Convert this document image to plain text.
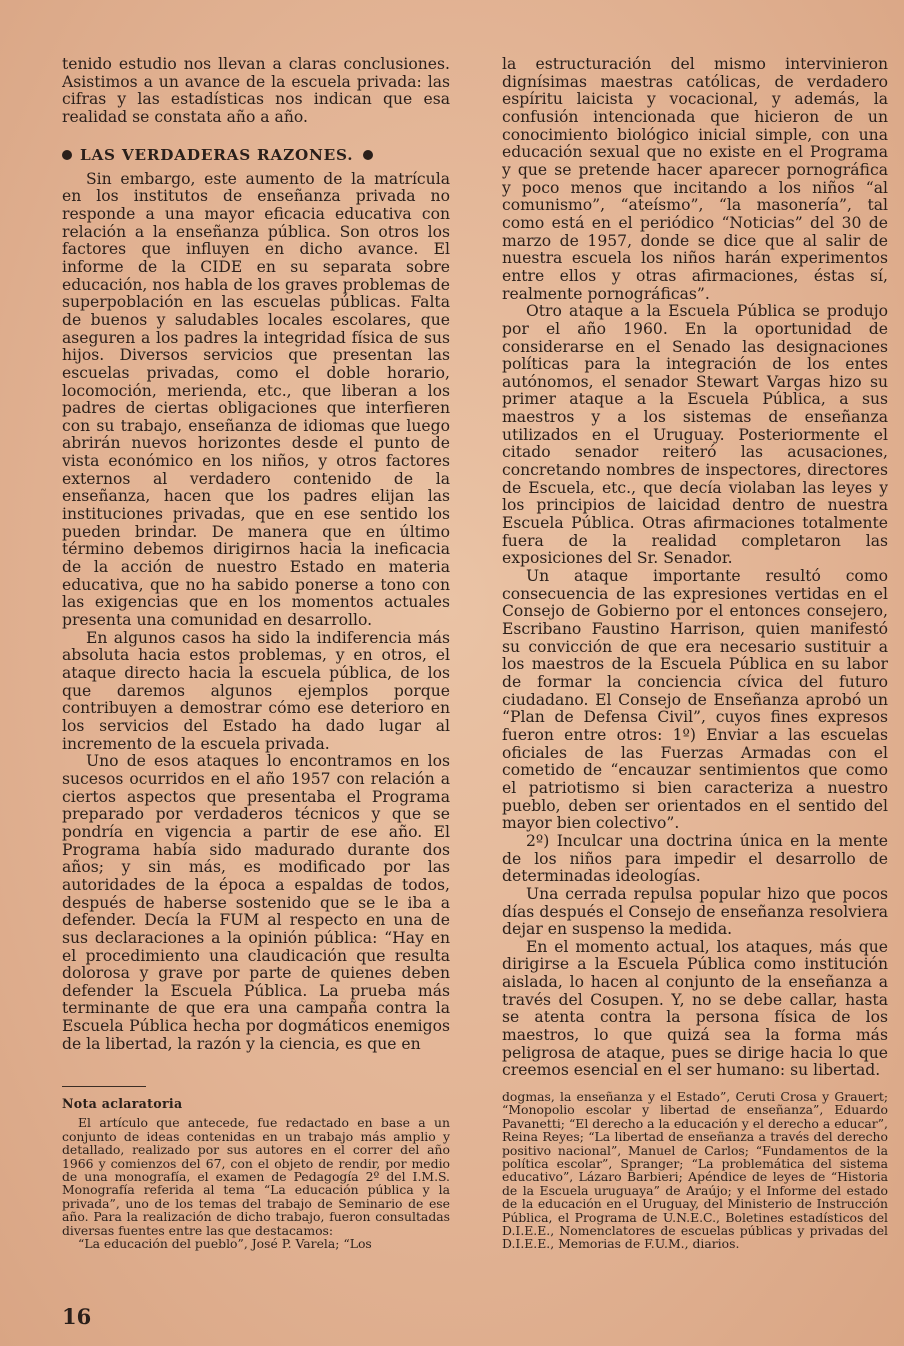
tenido estudio nos llevan a claras conclusiones. Asistimos a un avance de la escuela privada: las cifras y las estadísticas nos indican que esa realidad se constata año a año.

LAS VERDADERAS RAZONES.

Sin embargo, este aumento de la matrícula en los institutos de enseñanza privada no responde a una mayor eficacia educativa con relación a la enseñanza pública. Son otros los factores que influyen en dicho avance. El informe de la CIDE en su separata sobre educación, nos habla de los graves problemas de superpoblación en las escuelas públicas. Falta de buenos y saludables locales escolares, que aseguren a los padres la integridad física de sus hijos. Diversos servicios que presentan las escuelas privadas, como el doble horario, locomoción, merienda, etc., que liberan a los padres de ciertas obligaciones que interfieren con su trabajo, enseñanza de idiomas que luego abrirán nuevos horizontes desde el punto de vista económico en los niños, y otros factores externos al verdadero contenido de la enseñanza, hacen que los padres elijan las instituciones privadas, que en ese sentido los pueden brindar. De manera que en último término debemos dirigirnos hacia la ineficacia de la acción de nuestro Estado en materia educativa, que no ha sabido ponerse a tono con las exigencias que en los momentos actuales presenta una comunidad en desarrollo.

En algunos casos ha sido la indiferencia más absoluta hacia estos problemas, y en otros, el ataque directo hacia la escuela pública, de los que daremos algunos ejemplos porque contribuyen a demostrar cómo ese deterioro en los servicios del Estado ha dado lugar al incremento de la escuela privada.

Uno de esos ataques lo encontramos en los sucesos ocurridos en el año 1957 con relación a ciertos aspectos que presentaba el Programa preparado por verdaderos técnicos y que se pondría en vigencia a partir de ese año. El Programa había sido madurado durante dos años; y sin más, es modificado por las autoridades de la época a espaldas de todos, después de haberse sostenido que se le iba a defender. Decía la FUM al respecto en una de sus declaraciones a la opinión pública: “Hay en el procedimiento una claudicación que resulta dolorosa y grave por parte de quienes deben defender la Escuela Pública. La prueba más terminante de que era una campaña contra la Escuela Pública hecha por dogmáticos enemigos de la libertad, la razón y la ciencia, es que en

la estructuración del mismo intervinieron dignísimas maestras católicas, de verdadero espíritu laicista y vocacional, y además, la confusión intencionada que hicieron de un conocimiento biológico inicial simple, con una educación sexual que no existe en el Programa y que se pretende hacer aparecer pornográfica y poco menos que incitando a los niños “al comunismo”, “ateísmo”, “la masonería”, tal como está en el periódico “Noticias” del 30 de marzo de 1957, donde se dice que al salir de nuestra escuela los niños harán experimentos entre ellos y otras afirmaciones, éstas sí, realmente pornográficas”.

Otro ataque a la Escuela Pública se produjo por el año 1960. En la oportunidad de considerarse en el Senado las designaciones políticas para la integración de los entes autónomos, el senador Stewart Vargas hizo su primer ataque a la Escuela Pública, a sus maestros y a los sistemas de enseñanza utilizados en el Uruguay. Posteriormente el citado senador reiteró las acusaciones, concretando nombres de inspectores, directores de Escuela, etc., que decía violaban las leyes y los principios de laicidad dentro de nuestra Escuela Pública. Otras afirmaciones totalmente fuera de la realidad completaron las exposiciones del Sr. Senador.

Un ataque importante resultó como consecuencia de las expresiones vertidas en el Consejo de Gobierno por el entonces consejero, Escribano Faustino Harrison, quien manifestó su convicción de que era necesario sustituir a los maestros de la Escuela Pública en su labor de formar la conciencia cívica del futuro ciudadano. El Consejo de Enseñanza aprobó un “Plan de Defensa Civil”, cuyos fines expresos fueron entre otros: 1º) Enviar a las escuelas oficiales de las Fuerzas Armadas con el cometido de “encauzar sentimientos que como el patriotismo si bien caracteriza a nuestro pueblo, deben ser orientados en el sentido del mayor bien colectivo”.

2º) Inculcar una doctrina única en la mente de los niños para impedir el desarrollo de determinadas ideologías.

Una cerrada repulsa popular hizo que pocos días después el Consejo de enseñanza resolviera dejar en suspenso la medida.

En el momento actual, los ataques, más que dirigirse a la Escuela Pública como institución aislada, lo hacen al conjunto de la enseñanza a través del Cosupen. Y, no se debe callar, hasta se atenta contra la persona física de los maestros, lo que quizá sea la forma más peligrosa de ataque, pues se dirige hacia lo que creemos esencial en el ser humano: su libertad.

Nota aclaratoria

El artículo que antecede, fue redactado en base a un conjunto de ideas contenidas en un trabajo más amplio y detallado, realizado por sus autores en el correr del año 1966 y comienzos del 67, con el objeto de rendir, por medio de una monografía, el examen de Pedagogía 2º del I.M.S. Monografía referida al tema “La educación pública y la privada”, uno de los temas del trabajo de Seminario de ese año. Para la realización de dicho trabajo, fueron consultadas diversas fuentes entre las que destacamos:

“La educación del pueblo”, José P. Varela; “Los

dogmas, la enseñanza y el Estado”, Ceruti Crosa y Grauert; “Monopolio escolar y libertad de enseñanza”, Eduardo Pavanetti; “El derecho a la educación y el derecho a educar”, Reina Reyes; “La libertad de enseñanza a través del derecho positivo nacional”, Manuel de Carlos; “Fundamentos de la política escolar”, Spranger; “La problemática del sistema educativo”, Lázaro Barbieri; Apéndice de leyes de “Historia de la Escuela uruguaya” de Araújo; y el Informe del estado de la educación en el Uruguay, del Ministerio de Instrucción Pública, el Programa de U.N.E.C., Boletines estadísticos del D.I.E.E., Nomenclatores de escuelas públicas y privadas del D.I.E.E., Memorias de F.U.M., diarios.

16
